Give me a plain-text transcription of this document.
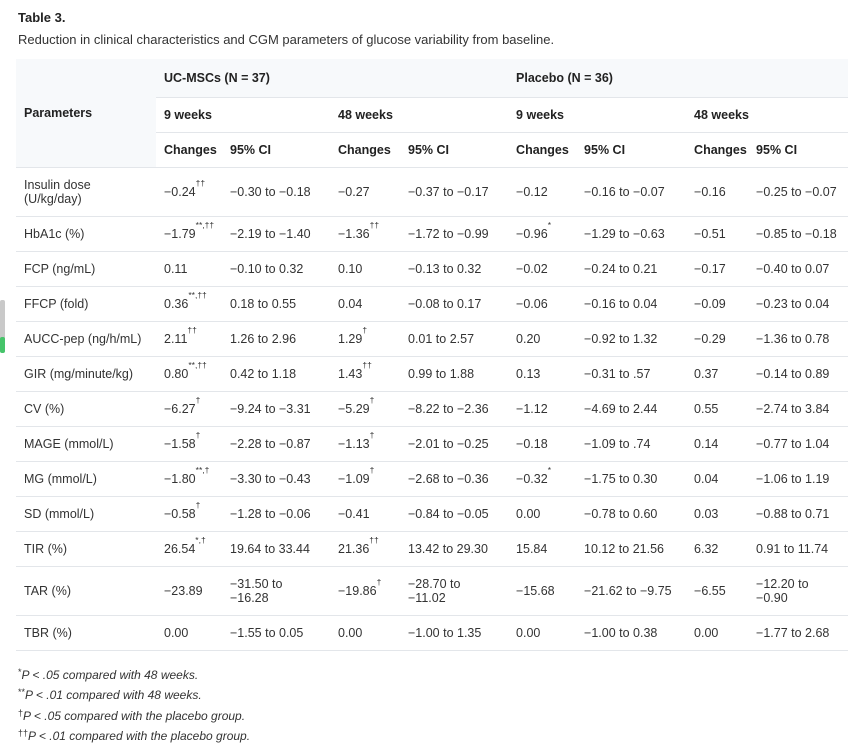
Table 3.
Reduction in clinical characteristics and CGM parameters of glucose variability from baseline.
Parameters	UC-MSCs (N = 37)				Placebo (N = 36)			
	9 weeks		48 weeks		9 weeks		48 weeks	
	Changes	95% CI	Changes	95% CI	Changes	95% CI	Changes	95% CI
Insulin dose (U/kg/day)	−0.24††	−0.30 to −0.18	−0.27	−0.37 to −0.17	−0.12	−0.16 to −0.07	−0.16	−0.25 to −0.07
HbA1c (%)	−1.79**,††	−2.19 to −1.40	−1.36††	−1.72 to −0.99	−0.96*	−1.29 to −0.63	−0.51	−0.85 to −0.18
FCP (ng/mL)	0.11	−0.10 to 0.32	0.10	−0.13 to 0.32	−0.02	−0.24 to 0.21	−0.17	−0.40 to 0.07
FFCP (fold)	0.36**,††	0.18 to 0.55	0.04	−0.08 to 0.17	−0.06	−0.16 to 0.04	−0.09	−0.23 to 0.04
AUCC-pep (ng/h/mL)	2.11††	1.26 to 2.96	1.29†	0.01 to 2.57	0.20	−0.92 to 1.32	−0.29	−1.36 to 0.78
GIR (mg/minute/kg)	0.80**,††	0.42 to 1.18	1.43††	0.99 to 1.88	0.13	−0.31 to .57	0.37	−0.14 to 0.89
CV (%)	−6.27†	−9.24 to −3.31	−5.29†	−8.22 to −2.36	−1.12	−4.69 to 2.44	0.55	−2.74 to 3.84
MAGE (mmol/L)	−1.58†	−2.28 to −0.87	−1.13†	−2.01 to −0.25	−0.18	−1.09 to .74	0.14	−0.77 to 1.04
MG (mmol/L)	−1.80**,†	−3.30 to −0.43	−1.09†	−2.68 to −0.36	−0.32*	−1.75 to 0.30	0.04	−1.06 to 1.19
SD (mmol/L)	−0.58†	−1.28 to −0.06	−0.41	−0.84 to −0.05	0.00	−0.78 to 0.60	0.03	−0.88 to 0.71
TIR (%)	26.54*,†	19.64 to 33.44	21.36††	13.42 to 29.30	15.84	10.12 to 21.56	6.32	0.91 to 11.74
TAR (%)	−23.89	−31.50 to −16.28	−19.86†	−28.70 to −11.02	−15.68	−21.62 to −9.75	−6.55	−12.20 to −0.90
TBR (%)	0.00	−1.55 to 0.05	0.00	−1.00 to 1.35	0.00	−1.00 to 0.38	0.00	−1.77 to 2.68
*P < .05 compared with 48 weeks.
**P < .01 compared with 48 weeks.
†P < .05 compared with the placebo group.
††P < .01 compared with the placebo group.
